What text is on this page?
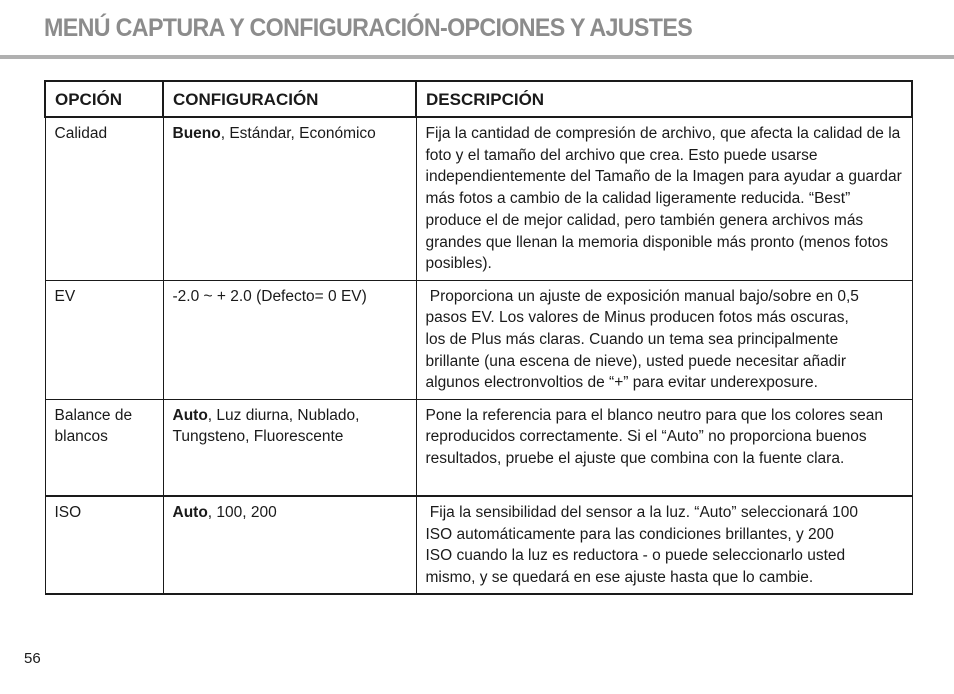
MENÚ CAPTURA Y CONFIGURACIÓN-OPCIONES Y AJUSTES
OPCIÓN	CONFIGURACIÓN	DESCRIPCIÓN
Calidad	Bueno, Estándar, Económico	Fija la cantidad de compresión de archivo, que afecta la calidad de la foto y el tamaño del archivo que crea. Esto puede usarse independientemente del Tamaño de la Imagen para ayudar a guardar más fotos a cambio de la calidad ligeramente reducida. “Best” produce el de mejor calidad, pero también genera archivos más grandes que llenan la memoria disponible más pronto (menos fotos posibles).
EV	-2.0 ~ + 2.0 (Defecto= 0 EV)	Proporciona un ajuste de exposición manual bajo/sobre en 0,5
pasos EV. Los valores de Minus producen fotos más oscuras,
los de Plus más claras. Cuando un tema sea principalmente
brillante (una escena de nieve), usted puede necesitar añadir
algunos electronvoltios de “+” para evitar underexposure.

Balance de blancos	Auto, Luz diurna, Nublado, Tungsteno, Fluorescente	Pone la referencia para el blanco neutro para que los colores sean reproducidos correctamente. Si el “Auto” no proporciona buenos resultados, pruebe el ajuste que combina con la fuente clara.
ISO	Auto, 100, 200	Fija la sensibilidad del sensor a la luz. “Auto” seleccionará 100
ISO automáticamente para las condiciones brillantes, y 200
ISO cuando la luz es reductora - o puede seleccionarlo usted
mismo, y se quedará en ese ajuste hasta que lo cambie.
56
